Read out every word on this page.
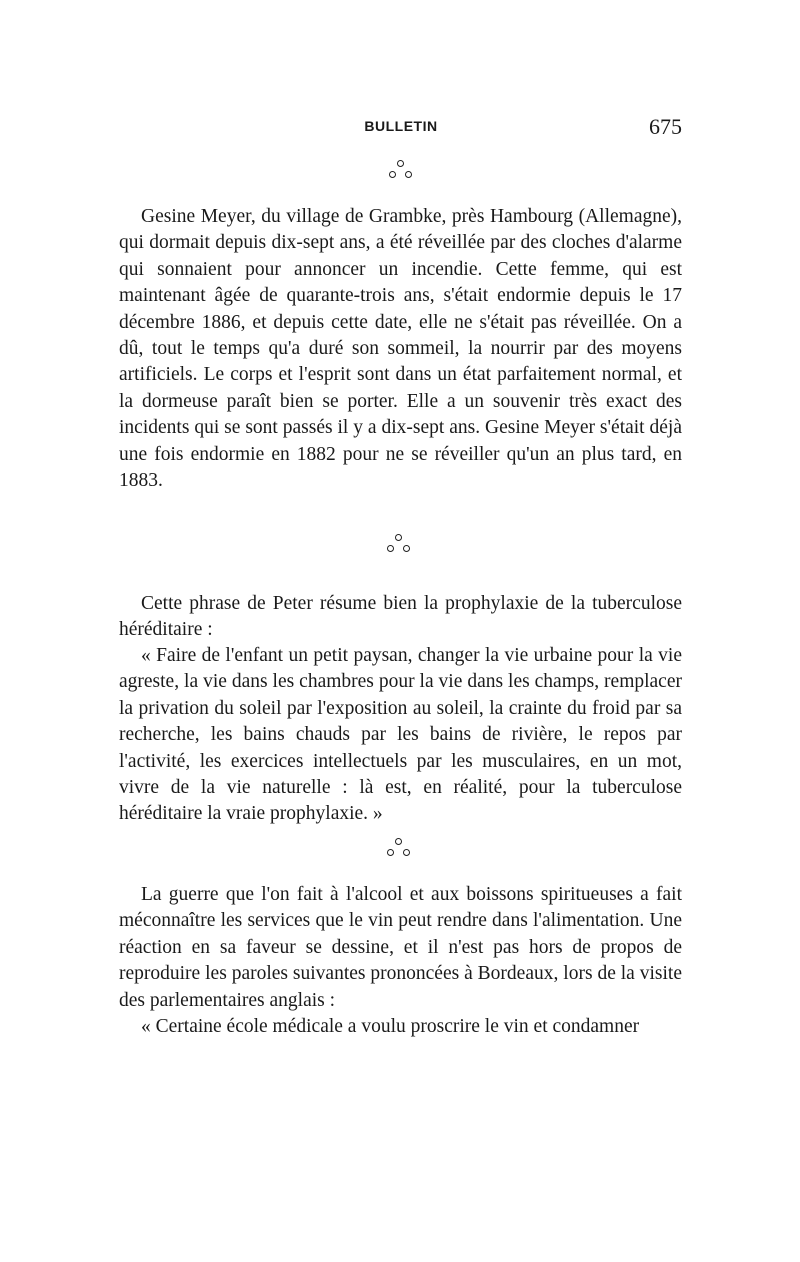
BULLETIN	675

Gesine Meyer, du village de Grambke, près Hambourg (Allemagne), qui dormait depuis dix-sept ans, a été réveillée par des cloches d'alarme qui sonnaient pour annoncer un incendie. Cette femme, qui est maintenant âgée de quarante-trois ans, s'était endormie depuis le 17 décembre 1886, et depuis cette date, elle ne s'était pas réveillée. On a dû, tout le temps qu'a duré son sommeil, la nourrir par des moyens artificiels. Le corps et l'esprit sont dans un état parfaitement normal, et la dormeuse paraît bien se porter. Elle a un souvenir très exact des incidents qui se sont passés il y a dix-sept ans. Gesine Meyer s'était déjà une fois endormie en 1882 pour ne se réveiller qu'un an plus tard, en 1883.

Cette phrase de Peter résume bien la prophylaxie de la tuberculose héréditaire :

« Faire de l'enfant un petit paysan, changer la vie urbaine pour la vie agreste, la vie dans les chambres pour la vie dans les champs, remplacer la privation du soleil par l'exposition au soleil, la crainte du froid par sa recherche, les bains chauds par les bains de rivière, le repos par l'activité, les exercices intellectuels par les musculaires, en un mot, vivre de la vie naturelle : là est, en réalité, pour la tuberculose héréditaire la vraie prophylaxie. »

La guerre que l'on fait à l'alcool et aux boissons spiritueuses a fait méconnaître les services que le vin peut rendre dans l'alimentation. Une réaction en sa faveur se dessine, et il n'est pas hors de propos de reproduire les paroles suivantes prononcées à Bordeaux, lors de la visite des parlementaires anglais :

« Certaine école médicale a voulu proscrire le vin et condamner
